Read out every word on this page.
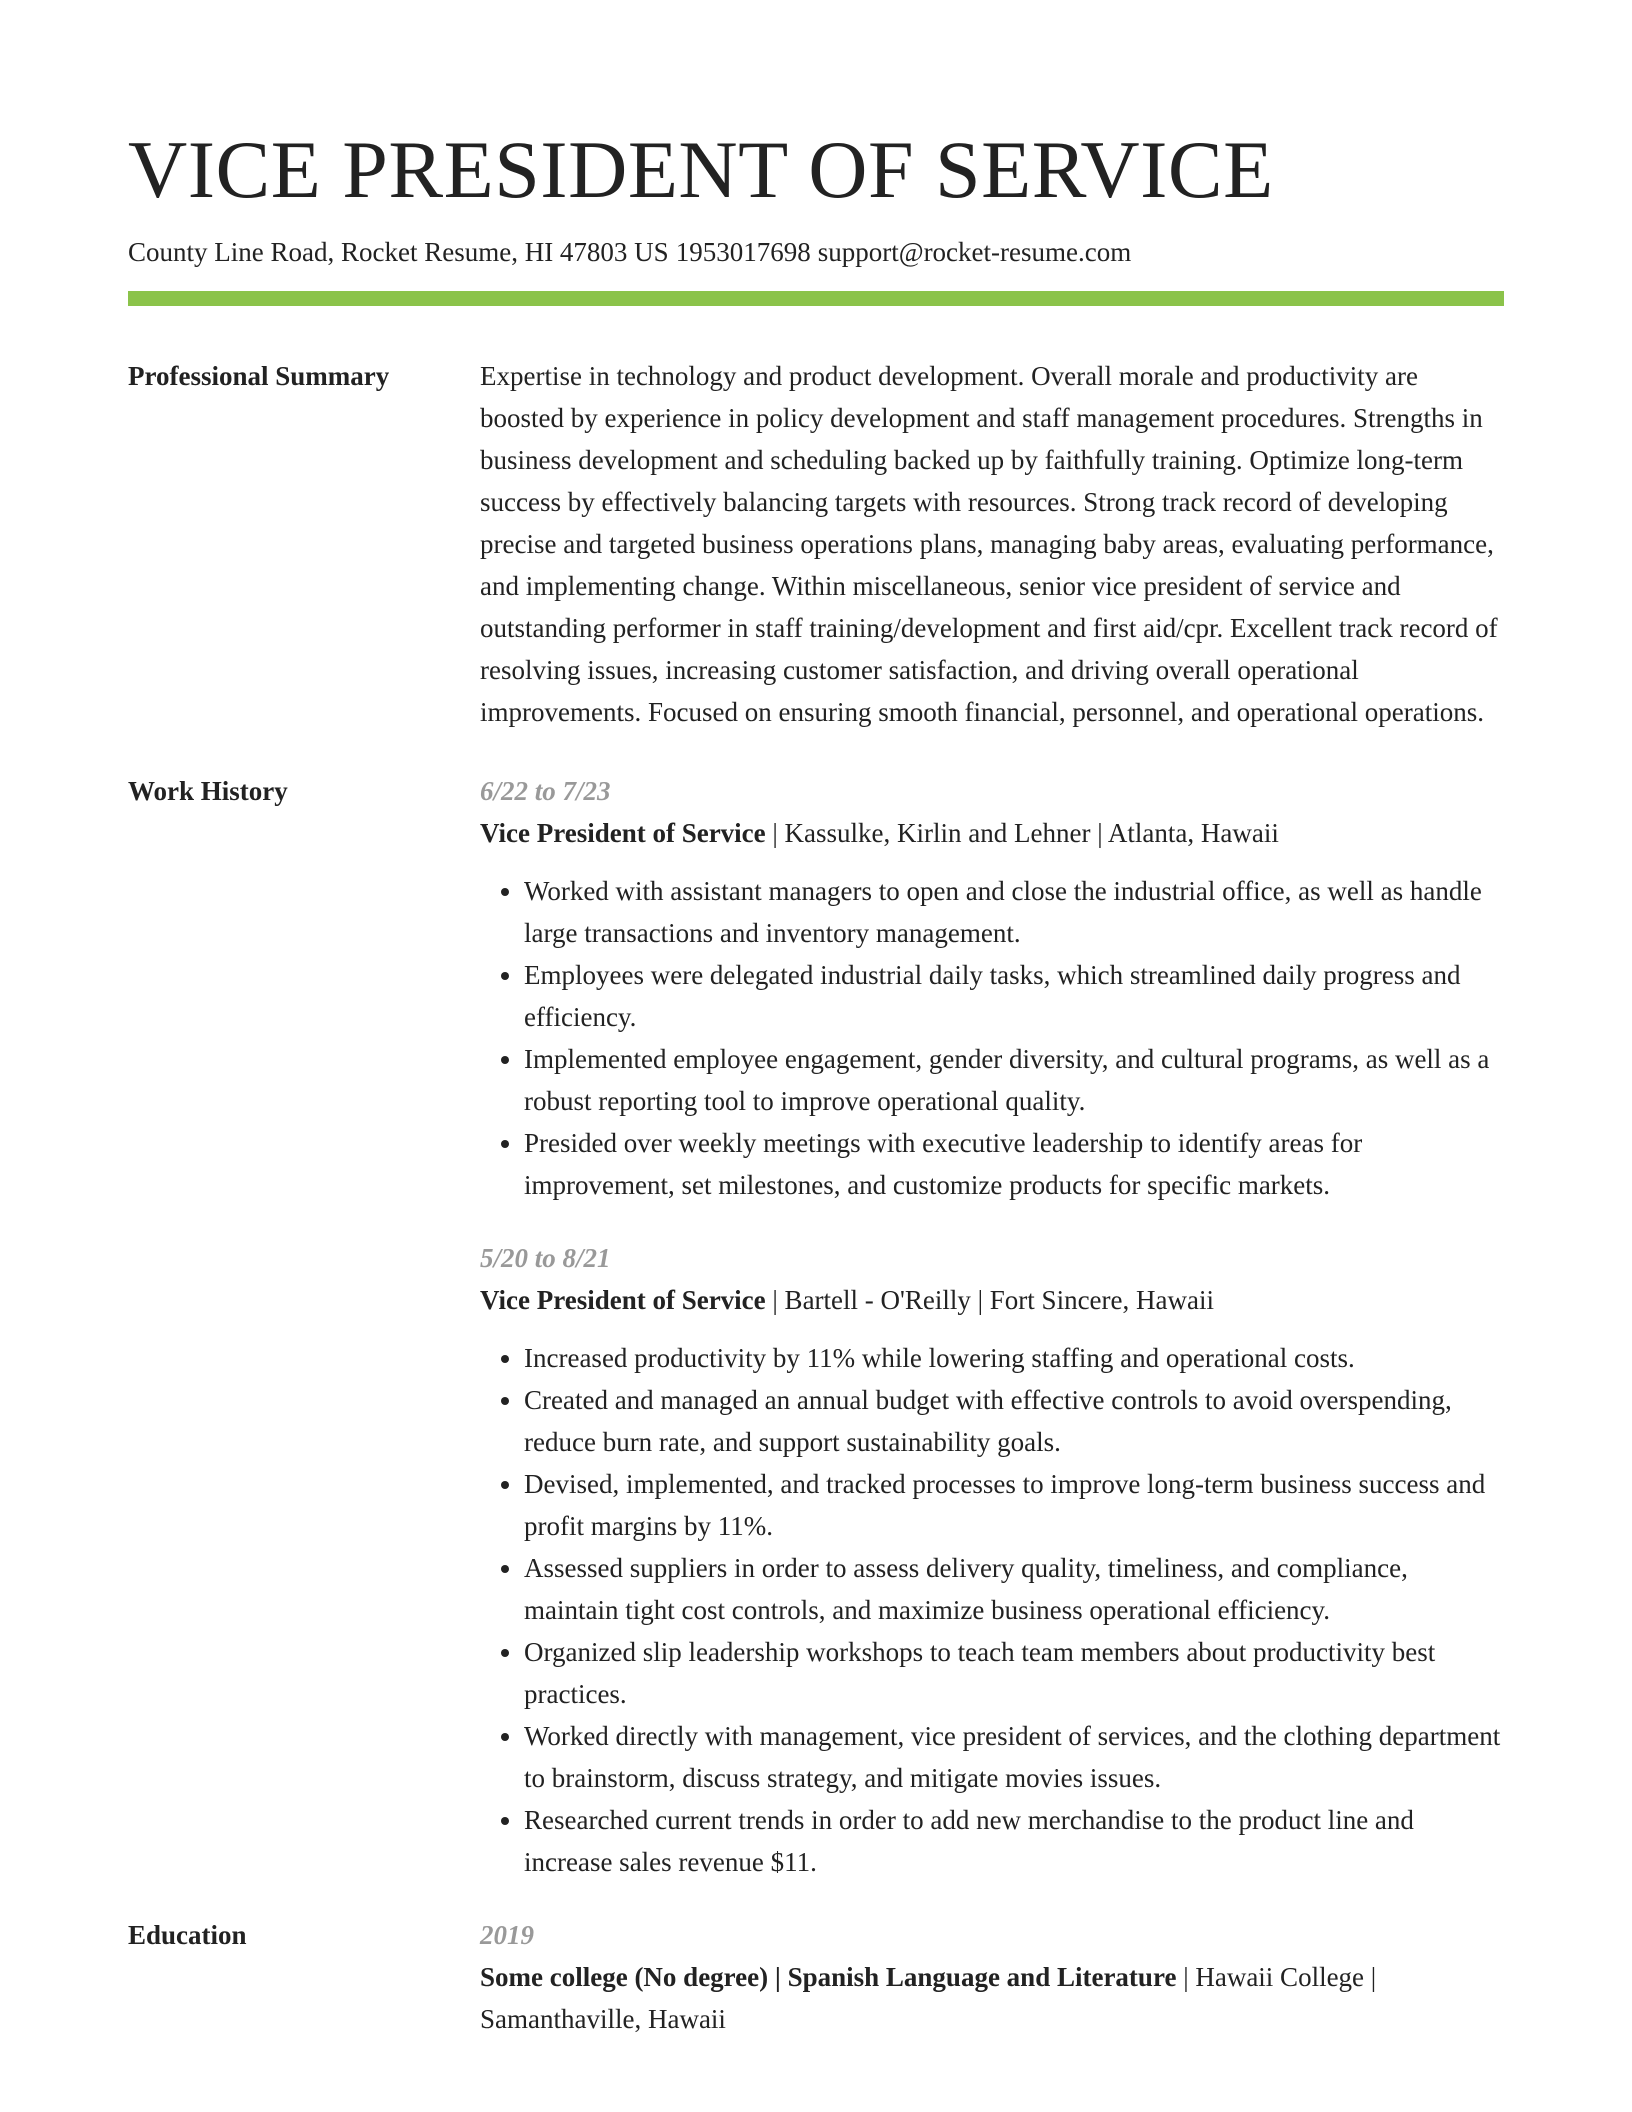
VICE PRESIDENT OF SERVICE
County Line Road, Rocket Resume, HI 47803 US 1953017698 support@rocket-resume.com
Professional Summary	Expertise in technology and product development. Overall morale and productivity are boosted by experience in policy development and staff management procedures. Strengths in business development and scheduling backed up by faithfully training. Optimize long-term success by effectively balancing targets with resources. Strong track record of developing precise and targeted business operations plans, managing baby areas, evaluating performance, and implementing change. Within miscellaneous, senior vice president of service and outstanding performer in staff training/development and first aid/cpr. Excellent track record of resolving issues, increasing customer satisfaction, and driving overall operational improvements. Focused on ensuring smooth financial, personnel, and operational operations.
Work History	6/22 to 7/23
Vice President of Service | Kassulke, Kirlin and Lehner | Atlanta, Hawaii
• Worked with assistant managers to open and close the industrial office, as well as handle large transactions and inventory management.
• Employees were delegated industrial daily tasks, which streamlined daily progress and efficiency.
• Implemented employee engagement, gender diversity, and cultural programs, as well as a robust reporting tool to improve operational quality.
• Presided over weekly meetings with executive leadership to identify areas for improvement, set milestones, and customize products for specific markets.
5/20 to 8/21
Vice President of Service | Bartell - O'Reilly | Fort Sincere, Hawaii
• Increased productivity by 11% while lowering staffing and operational costs.
• Created and managed an annual budget with effective controls to avoid overspending, reduce burn rate, and support sustainability goals.
• Devised, implemented, and tracked processes to improve long-term business success and profit margins by 11%.
• Assessed suppliers in order to assess delivery quality, timeliness, and compliance, maintain tight cost controls, and maximize business operational efficiency.
• Organized slip leadership workshops to teach team members about productivity best practices.
• Worked directly with management, vice president of services, and the clothing department to brainstorm, discuss strategy, and mitigate movies issues.
• Researched current trends in order to add new merchandise to the product line and increase sales revenue $11.
Education	2019
Some college (No degree) | Spanish Language and Literature | Hawaii College | Samanthaville, Hawaii
